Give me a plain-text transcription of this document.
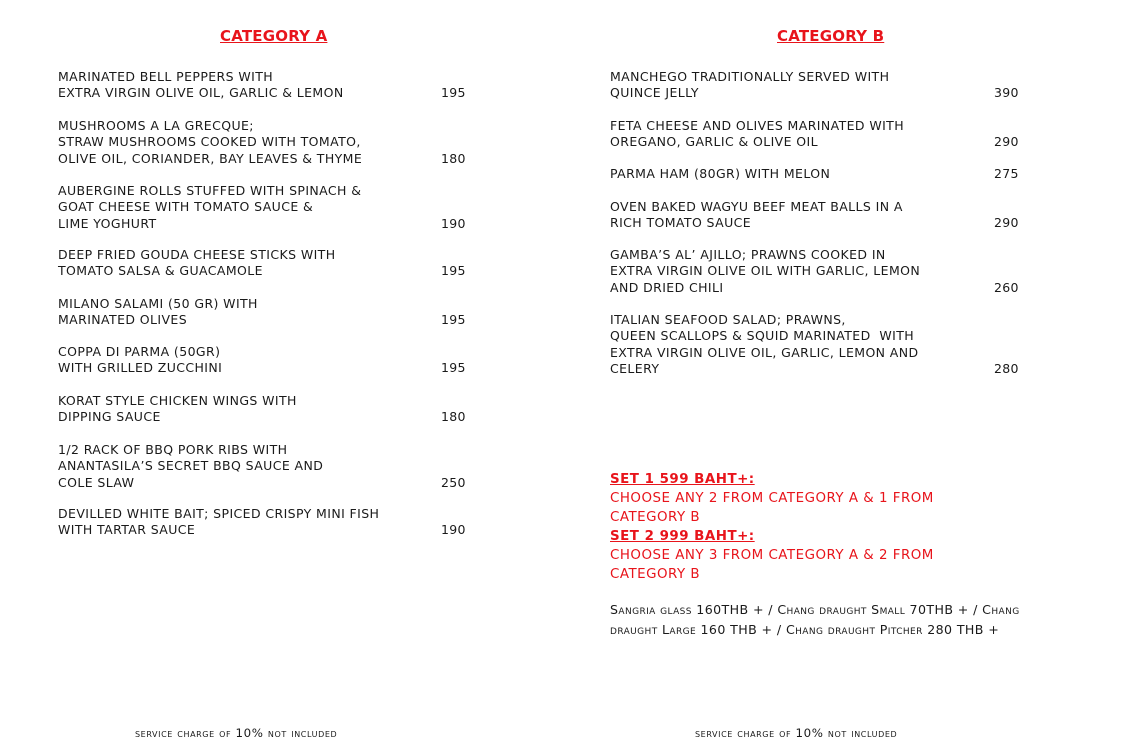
CATEGORY A	CATEGORY B
MARINATED BELL PEPPERS WITH
EXTRA VIRGIN OLIVE OIL, GARLIC & LEMON	195
MUSHROOMS A LA GRECQUE;
STRAW MUSHROOMS COOKED WITH TOMATO,
OLIVE OIL, CORIANDER, BAY LEAVES & THYME	180
AUBERGINE ROLLS STUFFED WITH SPINACH &
GOAT CHEESE WITH TOMATO SAUCE &
LIME YOGHURT	190
DEEP FRIED GOUDA CHEESE STICKS WITH
TOMATO SALSA & GUACAMOLE	195
MILANO SALAMI (50 GR) WITH
MARINATED OLIVES	195
COPPA DI PARMA (50GR)
WITH GRILLED ZUCCHINI	195
KORAT STYLE CHICKEN WINGS WITH
DIPPING SAUCE	180
1/2 RACK OF BBQ PORK RIBS WITH
ANANTASILA’S SECRET BBQ SAUCE AND
COLE SLAW	250
DEVILLED WHITE BAIT; SPICED CRISPY MINI FISH
WITH TARTAR SAUCE	190
MANCHEGO TRADITIONALLY SERVED WITH
QUINCE JELLY	390
FETA CHEESE AND OLIVES MARINATED WITH
OREGANO, GARLIC & OLIVE OIL	290
PARMA HAM (80GR) WITH MELON	275
OVEN BAKED WAGYU BEEF MEAT BALLS IN A
RICH TOMATO SAUCE	290
GAMBA’S AL’ AJILLO; PRAWNS COOKED IN
EXTRA VIRGIN OLIVE OIL WITH GARLIC, LEMON
AND DRIED CHILI	260
ITALIAN SEAFOOD SALAD; PRAWNS,
QUEEN SCALLOPS & SQUID MARINATED  WITH
EXTRA VIRGIN OLIVE OIL, GARLIC, LEMON AND
CELERY	280
SET 1 599 BAHT+:
CHOOSE ANY 2 FROM CATEGORY A & 1 FROM
CATEGORY B
SET 2 999 BAHT+:
CHOOSE ANY 3 FROM CATEGORY A & 2 FROM
CATEGORY B
Sangria glass 160THB + / Chang draught Small 70THB + / Chang draught Large 160 THB + / Chang draught Pitcher 280 THB +
service charge of 10% not included	service charge of 10% not included
